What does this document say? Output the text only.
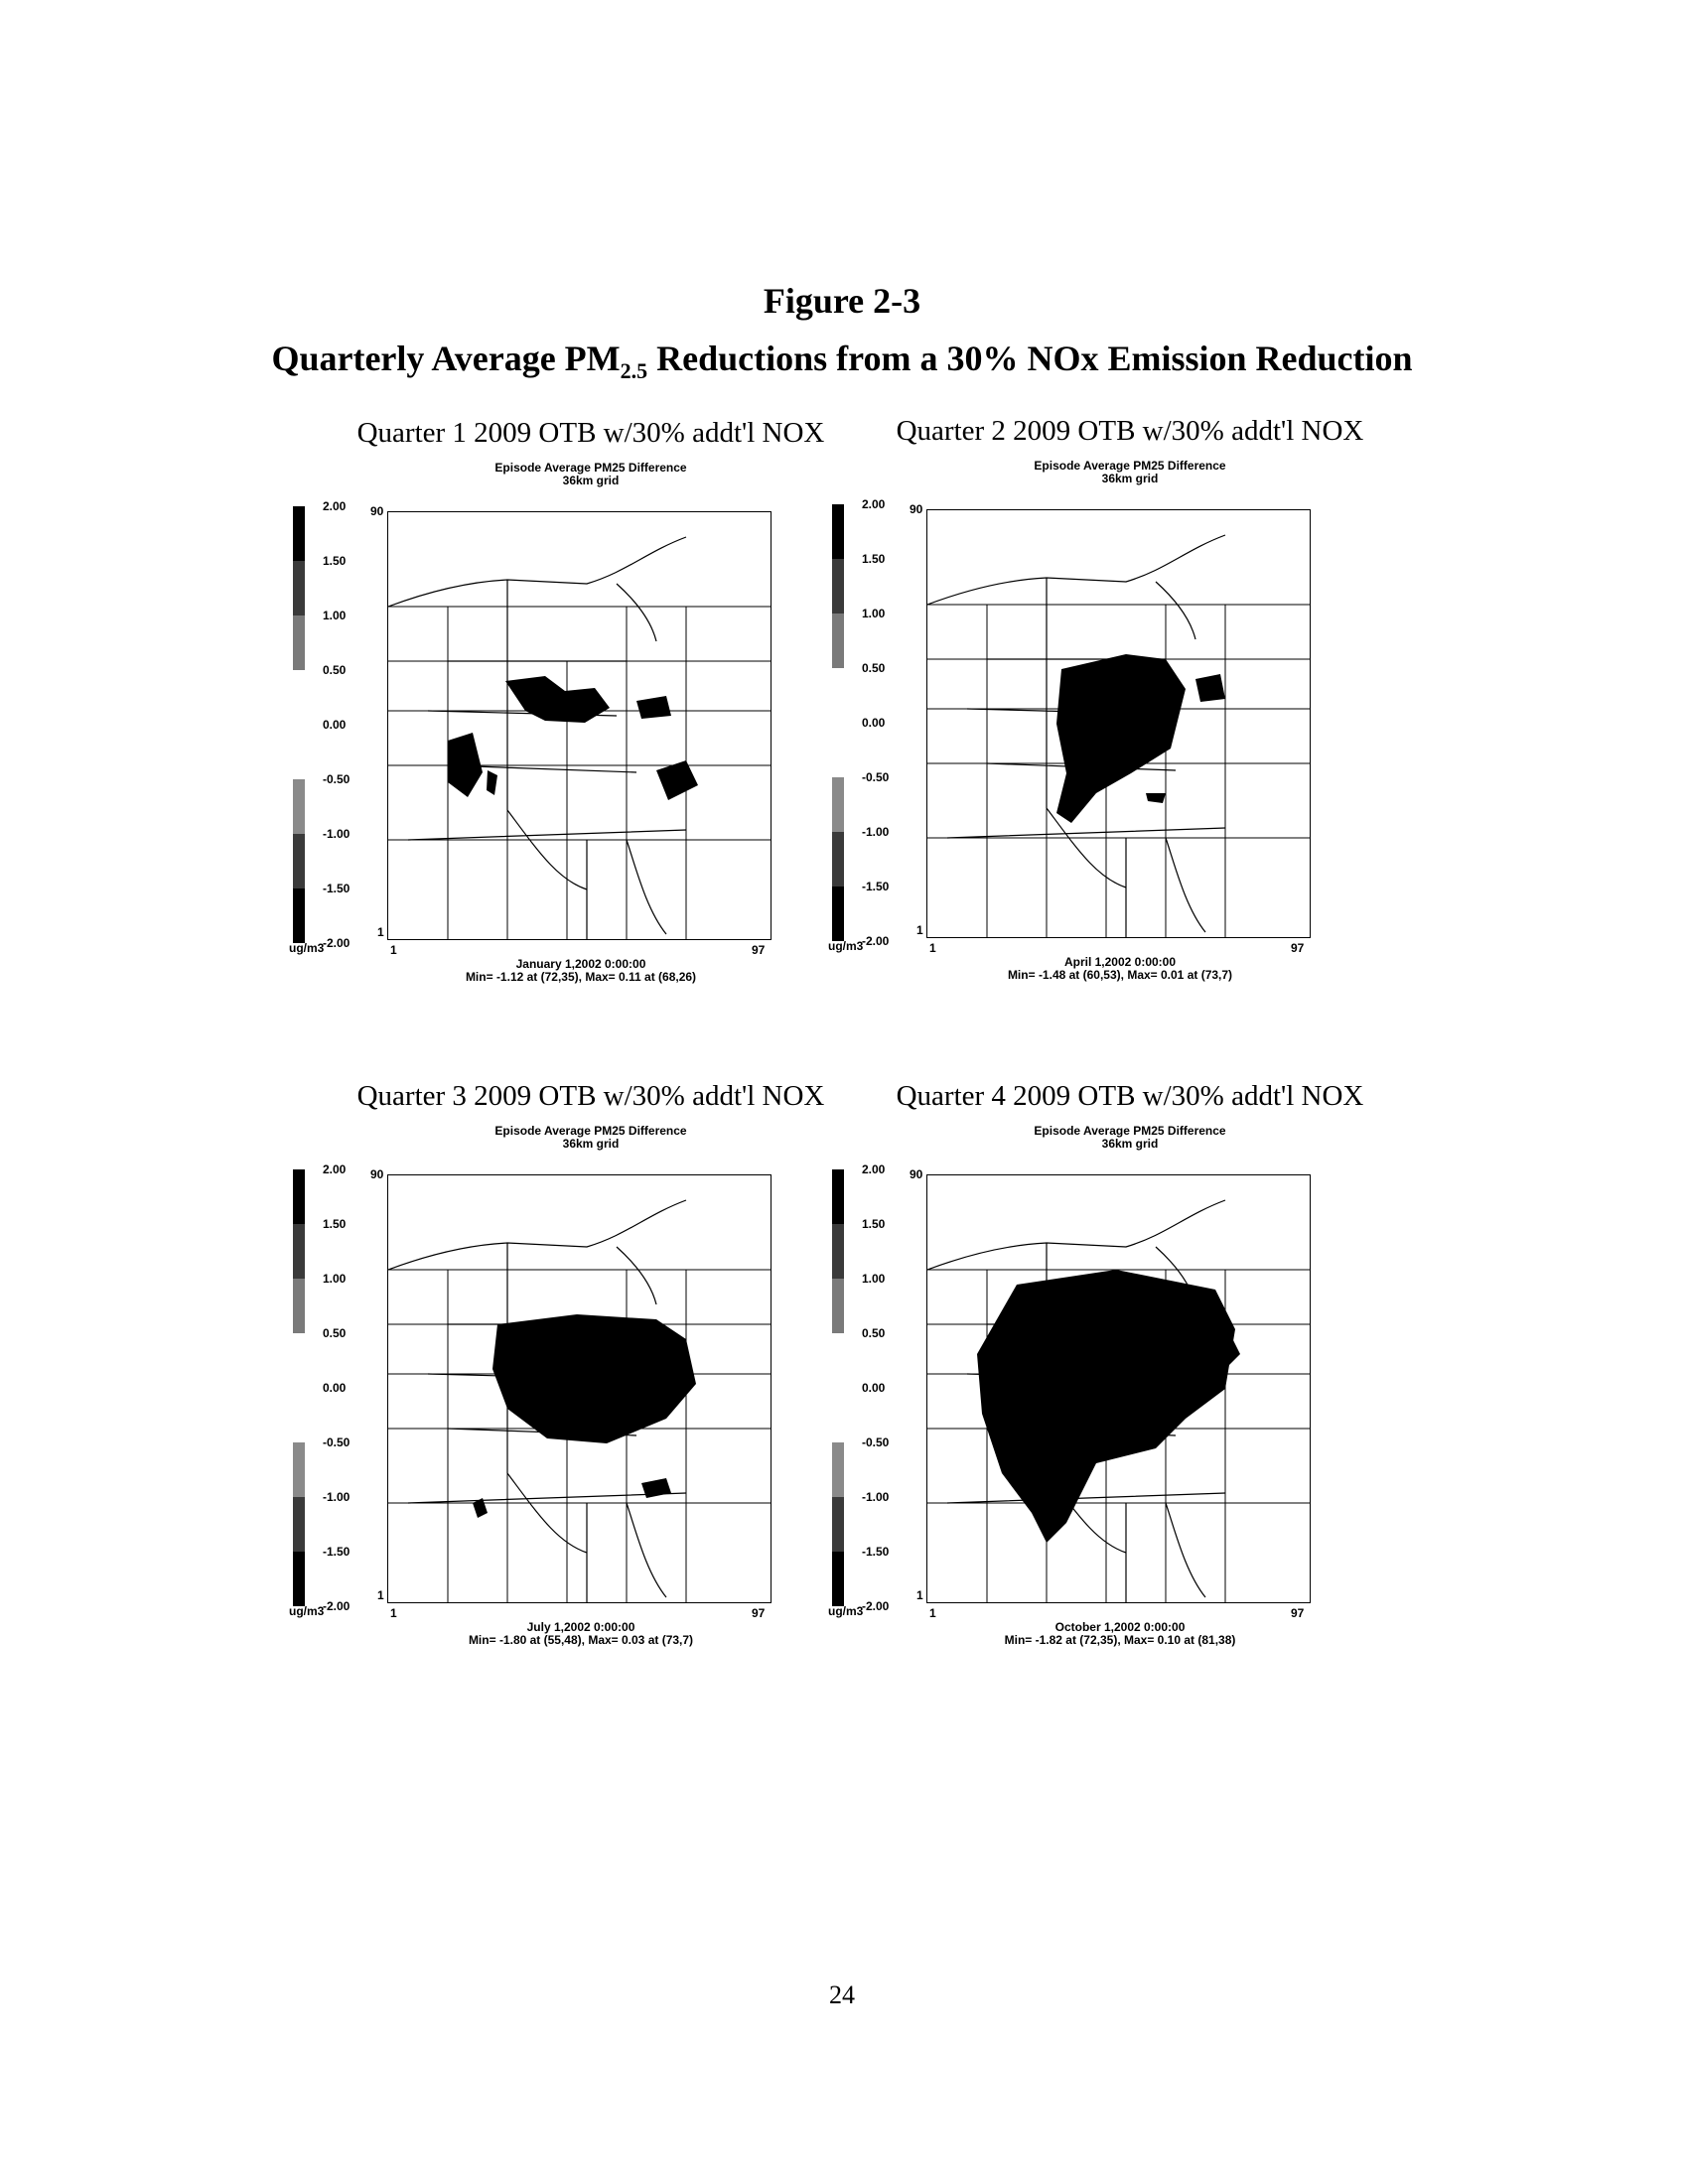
Figure 2-3
Quarterly Average $PM_{2.5}$ Reductions from a 30% NOx Emission Reduction
Quarter 1 2009 OTB w/30% addt'l NOX
Episode Average PM25 Difference
36km grid
2.00
1.50
1.00
0.50
0.00
-0.50
-1.00
-1.50
-2.00
ug/m3
90
1
1	97
January 1,2002 0:00:00
Min= -1.12 at (72,35), Max= 0.11 at (68,26)
Quarter 2 2009 OTB w/30% addt'l NOX
Episode Average PM25 Difference
36km grid
2.00
1.50
1.00
0.50
0.00
-0.50
-1.00
-1.50
-2.00
ug/m3
90
1
1	97
April 1,2002 0:00:00
Min= -1.48 at (60,53), Max= 0.01 at (73,7)
Quarter 3 2009 OTB w/30% addt'l NOX
Episode Average PM25 Difference
36km grid
2.00
1.50
1.00
0.50
0.00
-0.50
-1.00
-1.50
-2.00
ug/m3
90
1
1	97
July 1,2002 0:00:00
Min= -1.80 at (55,48), Max= 0.03 at (73,7)
Quarter 4 2009 OTB w/30% addt'l NOX
Episode Average PM25 Difference
36km grid
2.00
1.50
1.00
0.50
0.00
-0.50
-1.00
-1.50
-2.00
ug/m3
90
1
1	97
October 1,2002 0:00:00
Min= -1.82 at (72,35), Max= 0.10 at (81,38)
24
